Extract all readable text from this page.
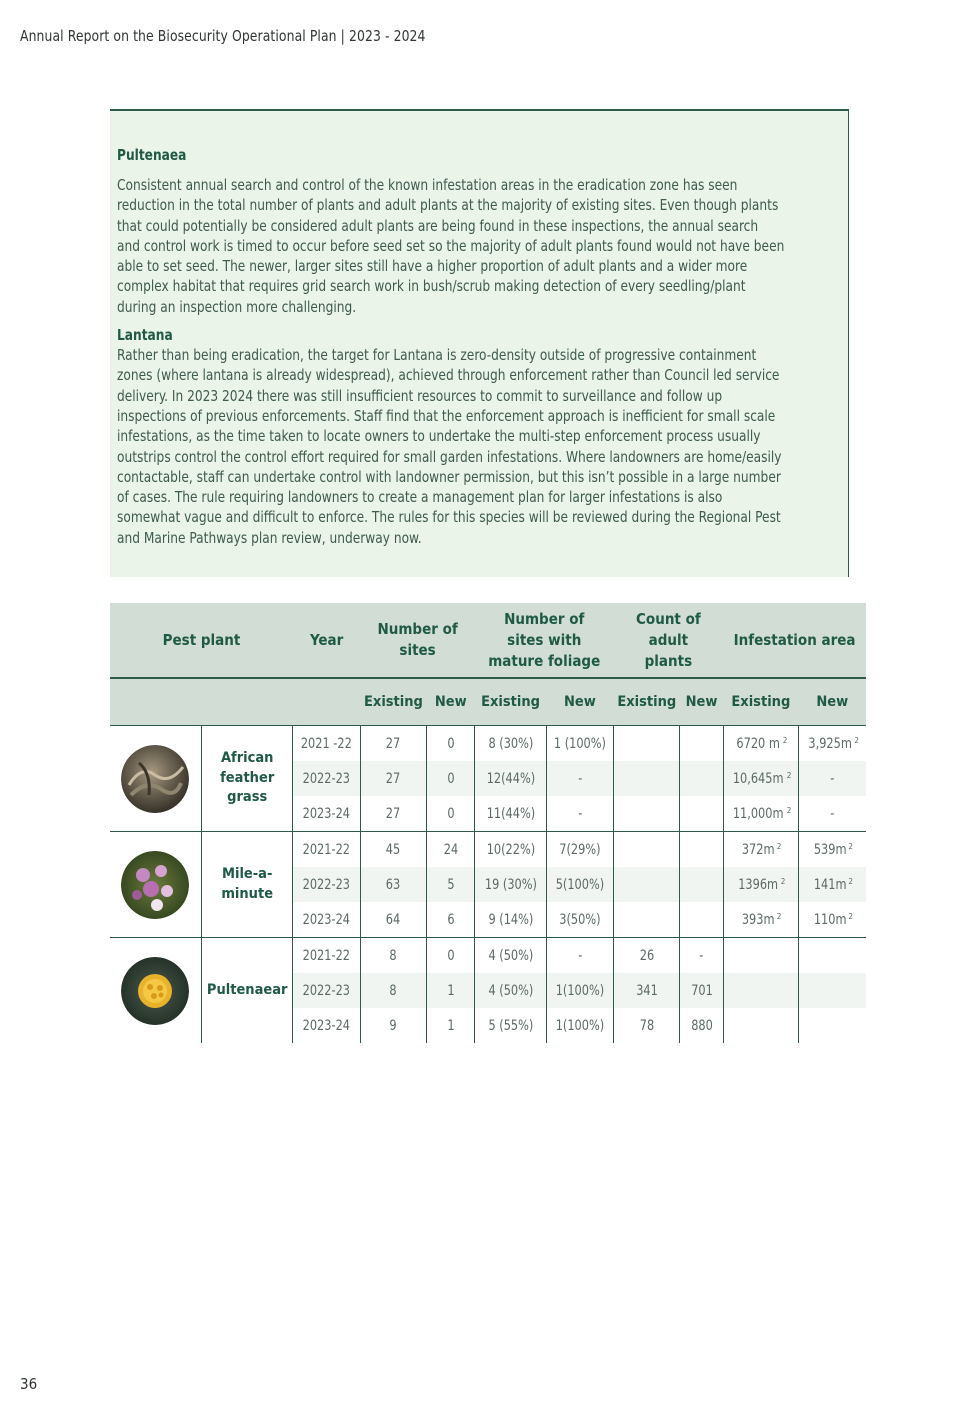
Annual Report on the Biosecurity Operational Plan | 2023 - 2024
Pultenaea

Consistent annual search and control of the known infestation areas in the eradication zone has seen reduction in the total number of plants and adult plants at the majority of existing sites. Even though plants that could potentially be considered adult plants are being found in these inspections, the annual search and control work is timed to occur before seed set so the majority of adult plants found would not have been able to set seed. The newer, larger sites still have a higher proportion of adult plants and a wider more complex habitat that requires grid search work in bush/scrub making detection of every seedling/plant during an inspection more challenging.

Lantana

Rather than being eradication, the target for Lantana is zero-density outside of progressive containment zones (where lantana is already widespread), achieved through enforcement rather than Council led service delivery. In 2023 2024 there was still insufficient resources to commit to surveillance and follow up inspections of previous enforcements. Staff find that the enforcement approach is inefficient for small scale infestations, as the time taken to locate owners to undertake the multi-step enforcement process usually outstrips control the control effort required for small garden infestations. Where landowners are home/easily contactable, staff can undertake control with landowner permission, but this isn’t possible in a large number of cases. The rule requiring landowners to create a management plan for larger infestations is also somewhat vague and difficult to enforce. The rules for this species will be reviewed during the Regional Pest and Marine Pathways plan review, underway now.

Pest plant		Year	Number of sites		Number of sites with mature foliage		Count of adult plants		Infestation area	
			Existing	New	Existing	New	Existing	New	Existing	New

	African feather grass	2021 -22	27	0	8 (30%)	1 (100%)			6720 m $^2$	3,925m $^2$
		2022-23	27	0	12(44%)	-			10,645m $^2$	-
		2023-24	27	0	11(44%)	-			11,000m $^2$	-

	Mile-a-minute	2021-22	45	24	10(22%)	7(29%)			372m $^2$	539m $^2$
		2022-23	63	5	19 (30%)	5(100%)			1396m $^2$	141m $^2$
		2023-24	64	6	9 (14%)	3(50%)			393m $^2$	110m $^2$

	Pultenaear	2021-22	8	0	4 (50%)	-	26	-		
		2022-23	8	1	4 (50%)	1(100%)	341	701		
		2023-24	9	1	5 (55%)	1(100%)	78	880		
36
